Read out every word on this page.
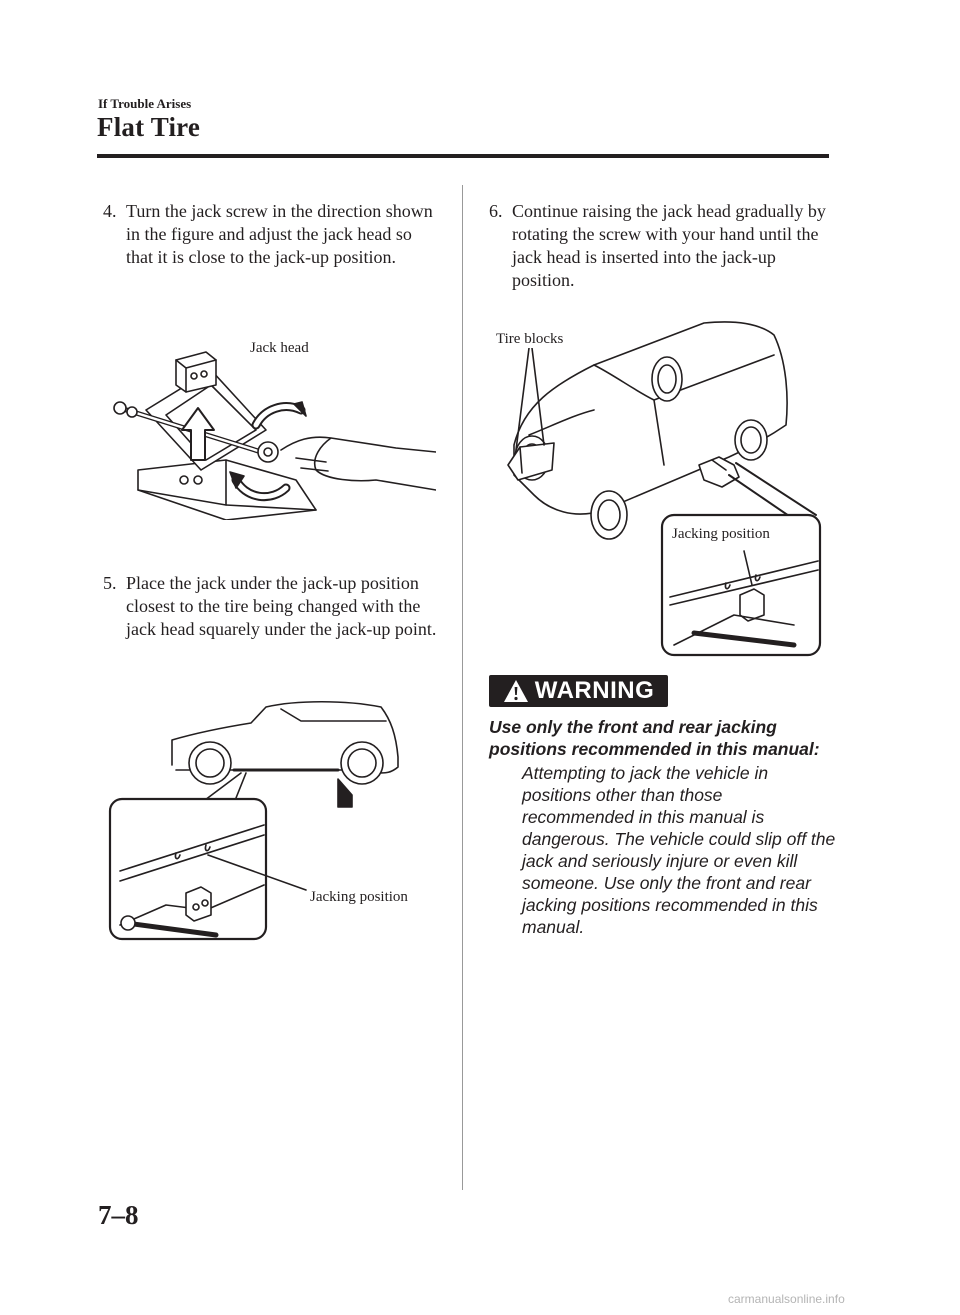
If Trouble Arises
Flat Tire
4. Turn the jack screw in the direction shown in the figure and adjust the jack head so that it is close to the jack-up position.
Jack head
5. Place the jack under the jack-up position closest to the tire being changed with the jack head squarely under the jack-up point.
Jacking position
6. Continue raising the jack head gradually by rotating the screw with your hand until the jack head is inserted into the jack-up position.
Tire blocks
Jacking position
WARNING
Use only the front and rear jacking positions recommended in this manual:
Attempting to jack the vehicle in positions other than those recommended in this manual is dangerous. The vehicle could slip off the jack and seriously injure or even kill someone. Use only the front and rear jacking positions recommended in this manual.
7–8
carmanualsonline.info
